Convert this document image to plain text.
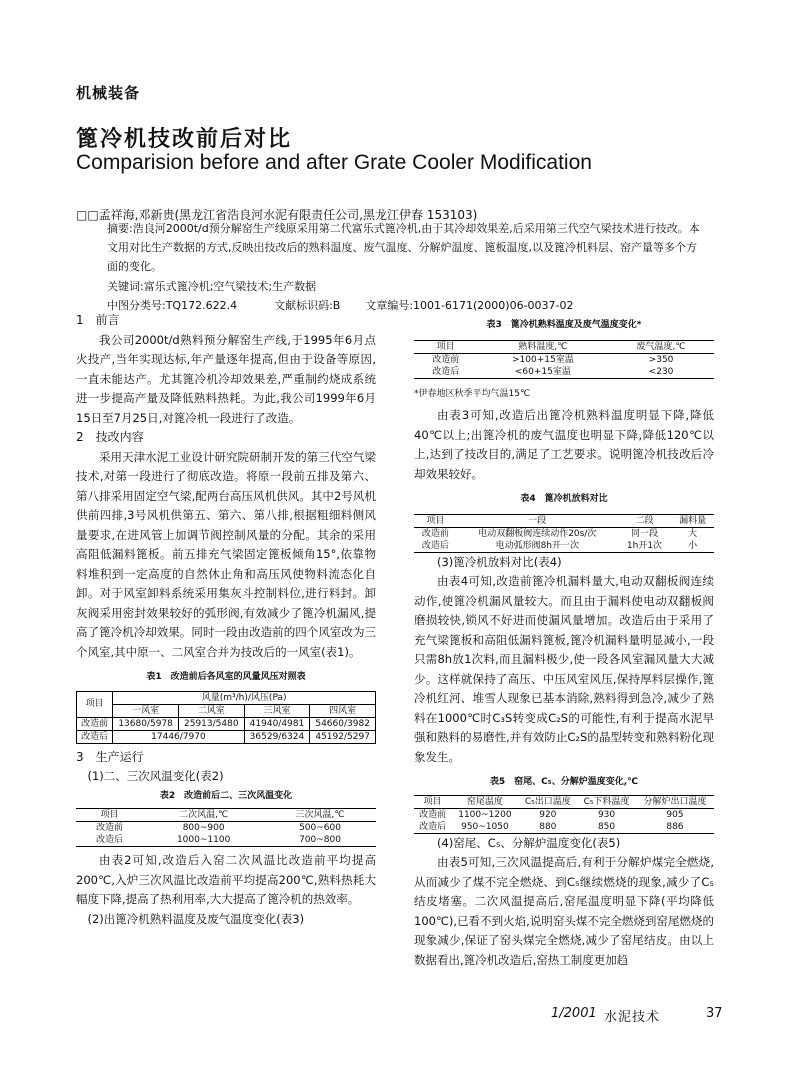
机械装备
篦冷机技改前后对比
Comparision before and after Grate Cooler Modification
□□孟祥海,邓新贵(黑龙江省浩良河水泥有限责任公司,黑龙江伊春 153103)
摘要:浩良河2000t/d预分解窑生产线原采用第二代富乐式篦冷机,由于其冷却效果差,后采用第三代空气梁技术进行技改。本文用对比生产数据的方式,反映出技改后的熟料温度、废气温度、分解炉温度、篦板温度,以及篦冷机料层、窑产量等多个方面的变化。
关键词:富乐式篦冷机;空气梁技术;生产数据
中图分类号:TQ172.622.4	文献标识码:B 文章编号:1001-6171(2000)06-0037-02
1　前言

我公司2000t/d熟料预分解窑生产线,于1995年6月点火投产,当年实现达标,年产量逐年提高,但由于设备等原因,一直未能达产。尤其篦冷机冷却效果差,严重制约烧成系统进一步提高产量及降低熟料热耗。为此,我公司1999年6月15日至7月25日,对篦冷机一段进行了改造。

2　技改内容

采用天津水泥工业设计研究院研制开发的第三代空气梁技术,对第一段进行了彻底改造。将原一段前五排及第六、第八排采用固定空气梁,配两台高压风机供风。其中2号风机供前四排,3号风机供第五、第六、第八排,根据粗细料侧风量要求,在进风管上加调节阀控制风量的分配。其余的采用高阻低漏料篦板。前五排充气梁固定篦板倾角15°,依靠物料堆积到一定高度的自然休止角和高压风使物料流态化自卸。对于风室卸料系统采用集灰斗控制料位,进行料封。卸灰阀采用密封效果较好的弧形阀,有效减少了篦冷机漏风,提高了篦冷机冷却效果。同时一段由改造前的四个风室改为三个风室,其中原一、二风室合并为技改后的一风室(表1)。

表1　改造前后各风室的风量风压对照表
项目	风量(m³/h)/风压(Pa)			
	一风室	二风室	三风室	四风室
改造前	13680/5978	25913/5480	41940/4981	54660/3982
改造后	17446/7970		36529/6324	45192/5297
3　生产运行
(1)二、三次风温变化(表2)
表2　改造前后二、三次风温变化
项目	二次风温,℃	三次风温,℃
改造前	800~900	500~600
改造后	1000~1100	700~800

由表2可知,改造后入窑二次风温比改造前平均提高200℃,入炉三次风温比改造前平均提高200℃,熟料热耗大幅度下降,提高了热利用率,大大提高了篦冷机的热效率。

(2)出篦冷机熟料温度及废气温度变化(表3)
表3　篦冷机熟料温度及废气温度变化*
项目	熟料温度,℃	废气温度,℃
改造前	>100+15室温	>350
改造后	<60+15室温	<230
*伊春地区秋季平均气温15℃

由表3可知,改造后出篦冷机熟料温度明显下降,降低40℃以上;出篦冷机的废气温度也明显下降,降低120℃以上,达到了技改目的,满足了工艺要求。说明篦冷机技改后冷却效果较好。

表4　篦冷机放料对比
项目	一段	二段	漏料量
改造前	电动双翻板阀连续动作20s/次	同一段	大
改造后	电动弧形阀8h开一次	1h开1次	小
(3)篦冷机放料对比(表4)

由表4可知,改造前篦冷机漏料量大,电动双翻板阀连续动作,使篦冷机漏风量较大。而且由于漏料使电动双翻板阀磨损较快,锁风不好进而使漏风量增加。改造后由于采用了充气梁篦板和高阻低漏料篦板,篦冷机漏料量明显减小,一段只需8h放1次料,而且漏料极少,使一段各风室漏风量大大减少。这样就保持了高压、中压风室风压,保持厚料层操作,篦冷机红河、堆雪人现象已基本消除,熟料得到急冷,减少了熟料在1000℃时C₃S转变成C₂S的可能性,有利于提高水泥早强和熟料的易磨性,并有效防止C₂S的晶型转变和熟料粉化现象发生。

表5　窑尾、C₅、分解炉温度变化,℃
项目	窑尾温度	C₅出口温度	C₅下料温度	分解炉出口温度
改造前	1100~1200	920	930	905
改造后	950~1050	880	850	886
(4)窑尾、C₅、分解炉温度变化(表5)

由表5可知,三次风温提高后,有利于分解炉煤完全燃烧,从而减少了煤不完全燃烧、到C₅继续燃烧的现象,减少了C₅结皮堵塞。二次风温提高后,窑尾温度明显下降(平均降低100℃),已看不到火焰,说明窑头煤不完全燃烧到窑尾燃烧的现象减少,保证了窑头煤完全燃烧,减少了窑尾结皮。由以上数据看出,篦冷机改造后,窑热工制度更加趋

1/2001 水泥技术	37
